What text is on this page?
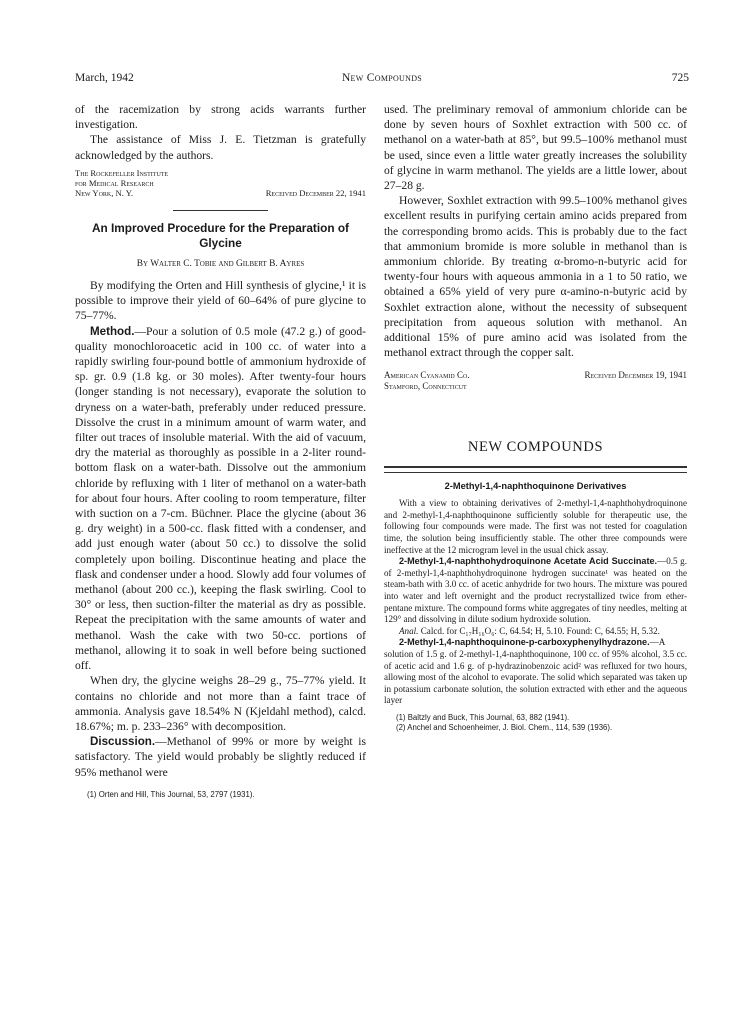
March, 1942	New Compounds	725

of the racemization by strong acids warrants further investigation.

The assistance of Miss J. E. Tietzman is gratefully acknowledged by the authors.

The Rockefeller Institute
for Medical Research
New York, N. Y.	Received December 22, 1941
An Improved Procedure for the Preparation of Glycine
By Walter C. Tobie and Gilbert B. Ayres

By modifying the Orten and Hill synthesis of glycine,¹ it is possible to improve their yield of 60–64% of pure glycine to 75–77%.

Method.—Pour a solution of 0.5 mole (47.2 g.) of good-quality monochloroacetic acid in 100 cc. of water into a rapidly swirling four-pound bottle of ammonium hydroxide of sp. gr. 0.9 (1.8 kg. or 30 moles). After twenty-four hours (longer standing is not necessary), evaporate the solution to dryness on a water-bath, preferably under reduced pressure. Dissolve the crust in a minimum amount of warm water, and filter out traces of insoluble material. With the aid of vacuum, dry the material as thoroughly as possible in a 2-liter round-bottom flask on a water-bath. Dissolve out the ammonium chloride by refluxing with 1 liter of methanol on a water-bath for about four hours. After cooling to room temperature, filter with suction on a 7-cm. Büchner. Place the glycine (about 36 g. dry weight) in a 500-cc. flask fitted with a condenser, and add just enough water (about 50 cc.) to dissolve the solid completely upon boiling. Discontinue heating and place the flask and condenser under a hood. Slowly add four volumes of methanol (about 200 cc.), keeping the flask swirling. Cool to 30° or less, then suction-filter the material as dry as possible. Repeat the precipitation with the same amounts of water and methanol. Wash the cake with two 50-cc. portions of methanol, allowing it to soak in well before being suctioned off.

When dry, the glycine weighs 28–29 g., 75–77% yield. It contains no chloride and not more than a faint trace of ammonia. Analysis gave 18.54% N (Kjeldahl method), calcd. 18.67%; m. p. 233–236° with decomposition.

Discussion.—Methanol of 99% or more by weight is satisfactory. The yield would probably be slightly reduced if 95% methanol were

(1) Orten and Hill, This Journal, 53, 2797 (1931).

used. The preliminary removal of ammonium chloride can be done by seven hours of Soxhlet extraction with 500 cc. of methanol on a water-bath at 85°, but 99.5–100% methanol must be used, since even a little water greatly increases the solubility of glycine in warm methanol. The yields are a little lower, about 27–28 g.

However, Soxhlet extraction with 99.5–100% methanol gives excellent results in purifying certain amino acids prepared from the corresponding bromo acids. This is probably due to the fact that ammonium bromide is more soluble in methanol than is ammonium chloride. By treating α-bromo-n-butyric acid for twenty-four hours with aqueous ammonia in a 1 to 50 ratio, we obtained a 65% yield of very pure α-amino-n-butyric acid by Soxhlet extraction alone, without the necessity of subsequent precipitation from aqueous solution with methanol. An additional 15% of pure amino acid was isolated from the methanol extract through the copper salt.

American Cyanamid Co.	Received December 19, 1941
Stamford, Connecticut
NEW COMPOUNDS
2-Methyl-1,4-naphthoquinone Derivatives

With a view to obtaining derivatives of 2-methyl-1,4-naphthohydroquinone and 2-methyl-1,4-naphthoquinone sufficiently soluble for therapeutic use, the following four compounds were made. The first was not tested for coagulation time, the solution being insufficiently stable. The other three compounds were ineffective at the 12 microgram level in the usual chick assay.

2-Methyl-1,4-naphthohydroquinone Acetate Acid Succinate.—0.5 g. of 2-methyl-1,4-naphthohydroquinone hydrogen succinate¹ was heated on the steam-bath with 3.0 cc. of acetic anhydride for two hours. The mixture was poured into water and left overnight and the product recrystallized twice from ether-pentane mixture. The compound forms white aggregates of tiny needles, melting at 129° and dissolving in dilute sodium hydroxide solution.

Anal. Calcd. for C₁₇H₁₆O₆: C, 64.54; H, 5.10. Found: C, 64.55; H, 5.32.

2-Methyl-1,4-naphthoquinone-p-carboxyphenylhydrazone.—A solution of 1.5 g. of 2-methyl-1,4-naphthoquinone, 100 cc. of 95% alcohol, 3.5 cc. of acetic acid and 1.6 g. of p-hydrazinobenzoic acid² was refluxed for two hours, allowing most of the alcohol to evaporate. The solid which separated was taken up in potassium carbonate solution, the solution extracted with ether and the aqueous layer

(1) Baltzly and Buck, This Journal, 63, 882 (1941).
(2) Anchel and Schoenheimer, J. Biol. Chem., 114, 539 (1936).
